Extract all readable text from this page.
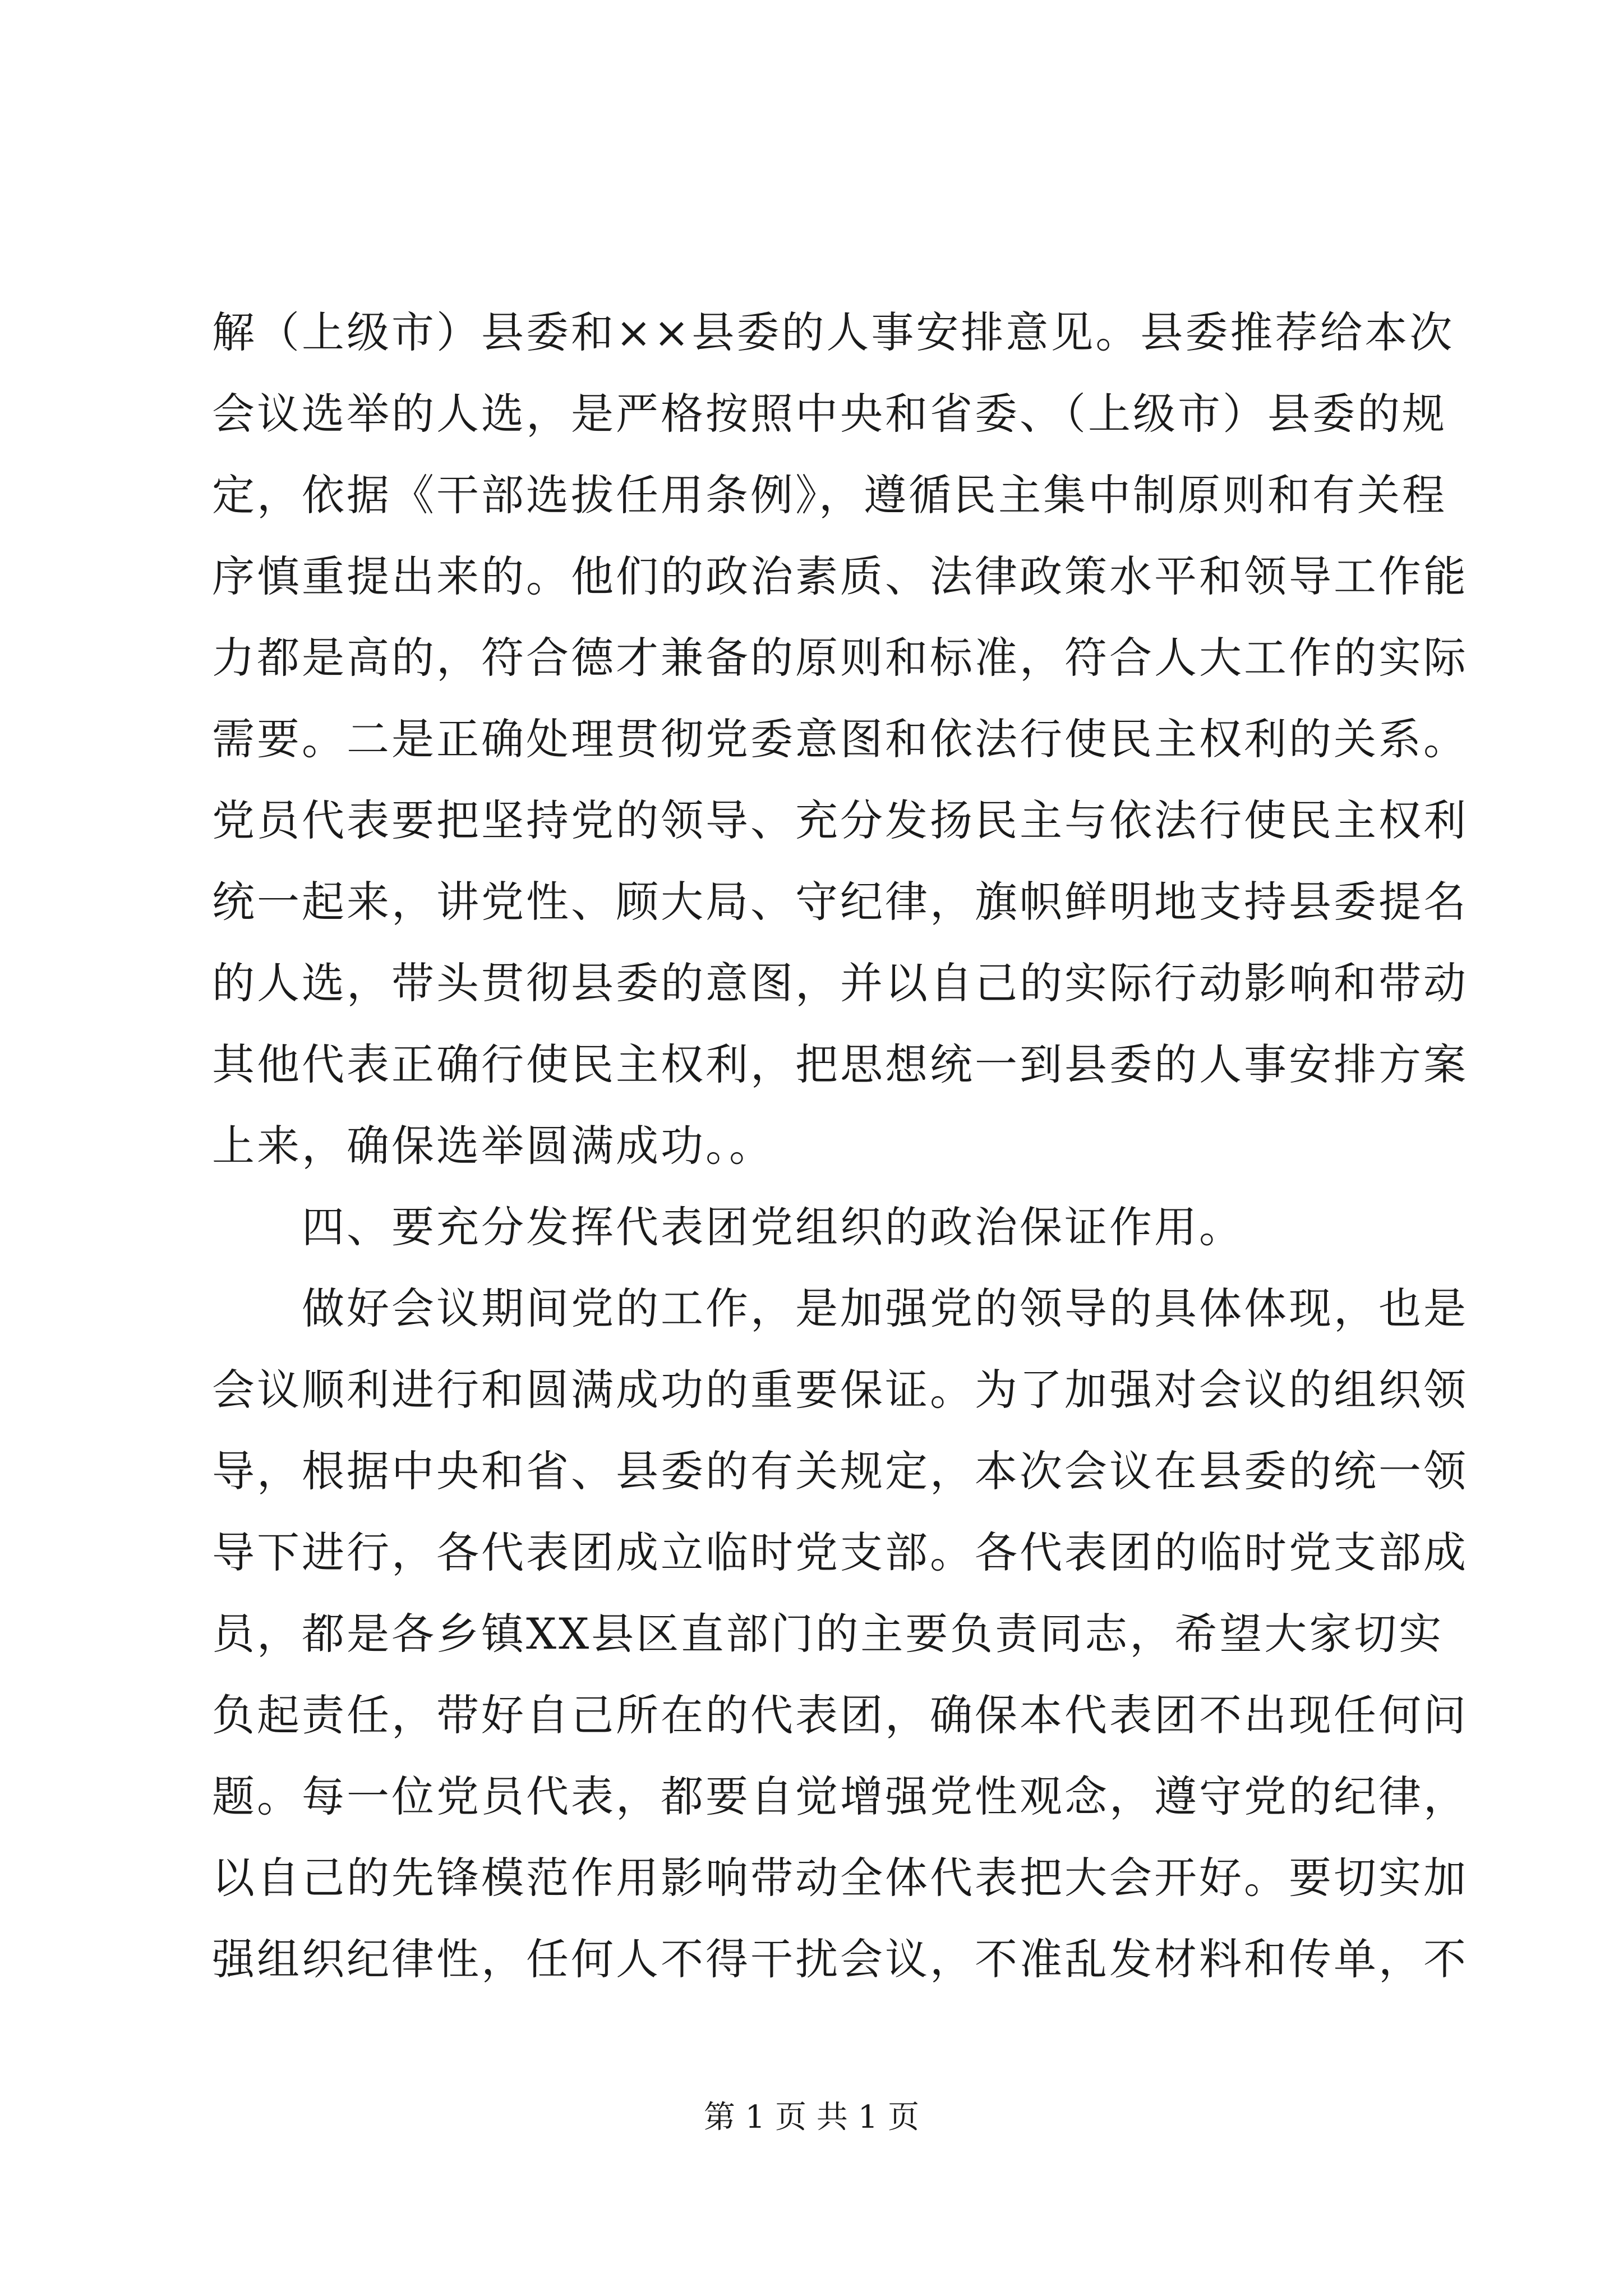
解（上级市）县委和××县委的人事安排意见。县委推荐给本次
会议选举的人选，是严格按照中央和省委、（上级市）县委的规
定，依据《干部选拔任用条例》，遵循民主集中制原则和有关程
序慎重提出来的。他们的政治素质、法律政策水平和领导工作能
力都是高的，符合德才兼备的原则和标准，符合人大工作的实际
需要。二是正确处理贯彻党委意图和依法行使民主权利的关系。
党员代表要把坚持党的领导、充分发扬民主与依法行使民主权利
统一起来，讲党性、顾大局、守纪律，旗帜鲜明地支持县委提名
的人选，带头贯彻县委的意图，并以自己的实际行动影响和带动
其他代表正确行使民主权利，把思想统一到县委的人事安排方案
上来，确保选举圆满成功。。
四、要充分发挥代表团党组织的政治保证作用。
做好会议期间党的工作，是加强党的领导的具体体现，也是
会议顺利进行和圆满成功的重要保证。为了加强对会议的组织领
导，根据中央和省、县委的有关规定，本次会议在县委的统一领
导下进行，各代表团成立临时党支部。各代表团的临时党支部成
员，都是各乡镇XX县区直部门的主要负责同志，希望大家切实
负起责任，带好自己所在的代表团，确保本代表团不出现任何问
题。每一位党员代表，都要自觉增强党性观念，遵守党的纪律，
以自己的先锋模范作用影响带动全体代表把大会开好。要切实加
强组织纪律性，任何人不得干扰会议，不准乱发材料和传单，不
第 1 页 共 1 页
